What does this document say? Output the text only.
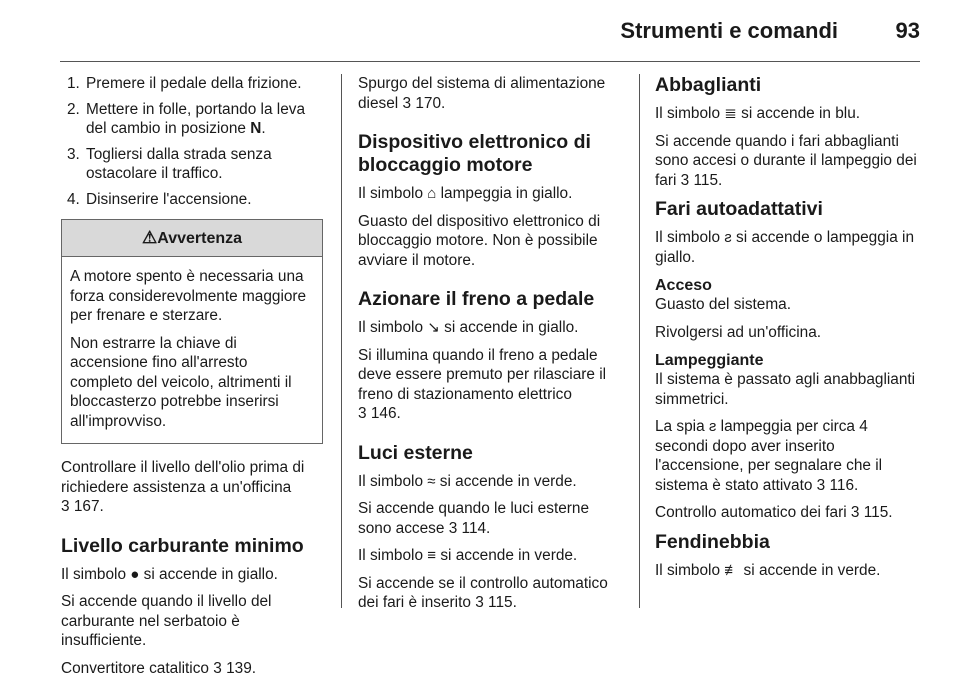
Strumenti e comandi	93
1. Premere il pedale della frizione.
2. Mettere in folle, portando la leva del cambio in posizione N.
3. Togliersi dalla strada senza ostacolare il traffico.
4. Disinserire l'accensione.
⚠Avvertenza

A motore spento è necessaria una forza considerevolmente maggiore per frenare e sterzare.

Non estrarre la chiave di accensione fino all'arresto completo del veicolo, altrimenti il bloccasterzo potrebbe inserirsi all'improvviso.

Controllare il livello dell'olio prima di richiedere assistenza a un'officina
3 167.

Livello carburante minimo

Il simbolo ● si accende in giallo.

Si accende quando il livello del carburante nel serbatoio è insufficiente.

Convertitore catalitico 3 139.

Spurgo del sistema di alimentazione diesel 3 170.

Dispositivo elettronico di bloccaggio motore

Il simbolo ⌂ lampeggia in giallo.

Guasto del dispositivo elettronico di bloccaggio motore. Non è possibile avviare il motore.

Azionare il freno a pedale

Il simbolo ↘ si accende in giallo.

Si illumina quando il freno a pedale deve essere premuto per rilasciare il freno di stazionamento elettrico
3 146.

Luci esterne

Il simbolo ≈ si accende in verde.

Si accende quando le luci esterne sono accese 3 114.

Il simbolo ≡ si accende in verde.

Si accende se il controllo automatico dei fari è inserito 3 115.

Abbaglianti

Il simbolo ≣ si accende in blu.

Si accende quando i fari abbaglianti sono accesi o durante il lampeggio dei fari 3 115.

Fari autoadattativi

Il simbolo ƨ si accende o lampeggia in giallo.

Acceso

Guasto del sistema.

Rivolgersi ad un'officina.

Lampeggiante

Il sistema è passato agli anabbaglianti simmetrici.

La spia ƨ lampeggia per circa 4 secondi dopo aver inserito l'accensione, per segnalare che il sistema è stato attivato 3 116.

Controllo automatico dei fari 3 115.

Fendinebbia

Il simbolo ≢ si accende in verde.
